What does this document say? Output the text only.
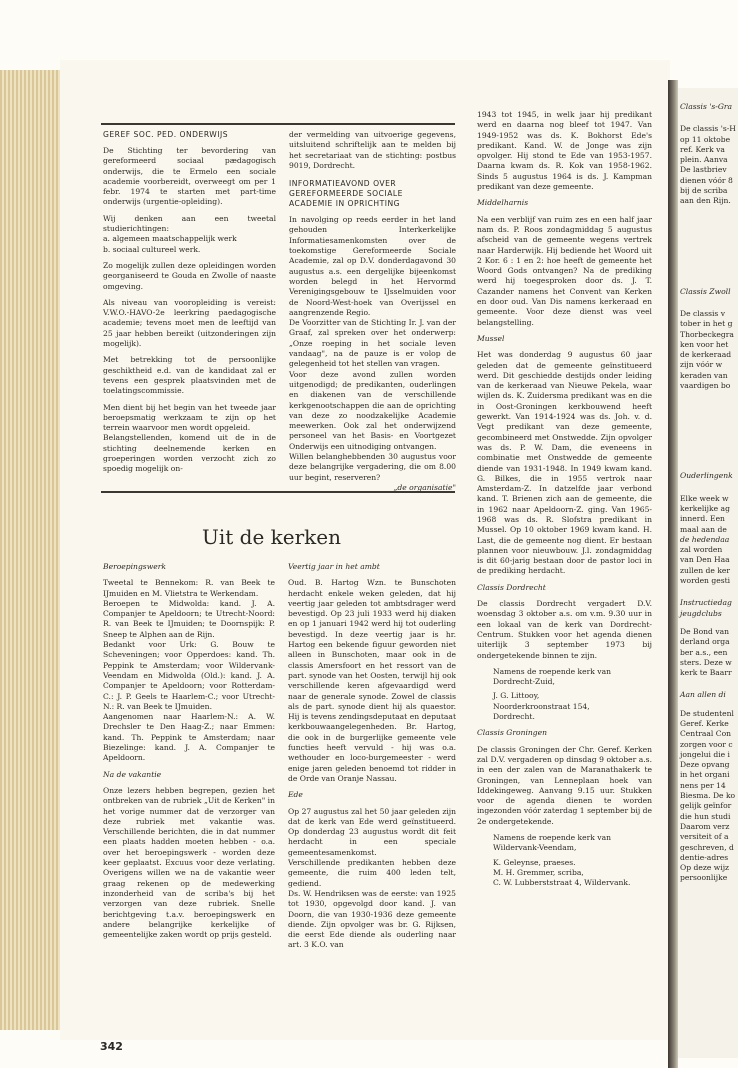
GEREF SOC. PED. ONDERWIJS

De Stichting ter bevordering van gereformeerd sociaal pædagogisch onderwijs, die te Ermelo een sociale academie voorbereidt, overweegt om per 1 febr. 1974 te starten met part-time onderwijs (urgentie-opleiding).

Wij denken aan een tweetal studierichtingen:

a. algemeen maatschappelijk werk
b. sociaal cultureel werk.

Zo mogelijk zullen deze opleidingen worden georganiseerd te Gouda en Zwolle of naaste omgeving.

Als niveau van vooropleiding is vereist: V.W.O.-HAVO-2e leerkring paedagogische academie; tevens moet men de leeftijd van 25 jaar hebben bereikt (uitzonderingen zijn mogelijk).

Met betrekking tot de persoonlijke geschiktheid e.d. van de kandidaat zal er tevens een gesprek plaatsvinden met de toelatingscommissie.

Men dient bij het begin van het tweede jaar beroepsmatig werkzaam te zijn op het terrein waarvoor men wordt opgeleid.

Belangstellenden, komend uit de in de stichting deelnemende kerken en groeperingen worden verzocht zich zo spoedig mogelijk on-

der vermelding van uitvoerige gegevens, uitsluitend schriftelijk aan te melden bij het secretariaat van de stichting: postbus 9019, Dordrecht.

INFORMATIEAVOND OVER
GEREFORMEERDE SOCIALE
ACADEMIE IN OPRICHTING

In navolging op reeds eerder in het land gehouden Interkerkelijke Informatiesamenkomsten over de toekomstige Gereformeerde Sociale Academie, zal op D.V. donderdagavond 30 augustus a.s. een dergelijke bijeenkomst worden belegd in het Hervormd Verenigingsgebouw te IJsselmuiden voor de Noord-West-hoek van Overijssel en aangrenzende Regio.

De Voorzitter van de Stichting Ir. J. van der Graaf, zal spreken over het onderwerp: „Onze roeping in het sociale leven vandaag", na de pauze is er volop de gelegenheid tot het stellen van vragen.

Voor deze avond zullen worden uitgenodigd; de predikanten, ouderlingen en diakenen van de verschillende kerkgenootschappen die aan de oprichting van deze zo noodzakelijke Academie meewerken. Ook zal het onderwijzend personeel van het Basis- en Voortgezet Onderwijs een uitnodiging ontvangen.

Willen belanghebbenden 30 augustus voor deze belangrijke vergadering, die om 8.00 uur begint, reserveren?

„de organisatie"

1943 tot 1945, in welk jaar hij predikant werd en daarna nog bleef tot 1947. Van 1949-1952 was ds. K. Bokhorst Ede's predikant. Kand. W. de Jonge was zijn opvolger. Hij stond te Ede van 1953-1957. Daarna kwam ds. R. Kok van 1958-1962. Sinds 5 augustus 1964 is ds. J. Kampman predikant van deze gemeente.

Middelharnis

Na een verblijf van ruim zes en een half jaar nam ds. P. Roos zondagmiddag 5 augustus afscheid van de gemeente wegens vertrek naar Harderwijk. Hij bediende het Woord uit 2 Kor. 6 : 1 en 2: hoe heeft de gemeente het Woord Gods ontvangen? Na de prediking werd hij toegesproken door ds. J. T. Cazander namens het Convent van Kerken en door oud. Van Dis namens kerkeraad en gemeente. Voor deze dienst was veel belangstelling.

Mussel

Het was donderdag 9 augustus 60 jaar geleden dat de gemeente geïnstitueerd werd. Dit geschiedde destijds onder leiding van de kerkeraad van Nieuwe Pekela, waar wijlen ds. K. Zuidersma predikant was en die in Oost-Groningen kerkbouwend heeft gewerkt. Van 1914-1924 was ds. Joh. v. d. Vegt predikant van deze gemeente, gecombineerd met Onstwedde. Zijn opvolger was ds. P. W. Dam, die eveneens in combinatie met Onstwedde de gemeente diende van 1931-1948. In 1949 kwam kand. G. Bilkes, die in 1955 vertrok naar Amsterdam-Z. In datzelfde jaar verbond kand. T. Brienen zich aan de gemeente, die in 1962 naar Apeldoorn-Z. ging. Van 1965-1968 was ds. R. Slofstra predikant in Mussel. Op 10 oktober 1969 kwam kand. H. Last, die de gemeente nog dient. Er bestaan plannen voor nieuwbouw. J.l. zondagmiddag is dit 60-jarig bestaan door de pastor loci in de prediking herdacht.

Classis Dordrecht

De classis Dordrecht vergadert D.V. woensdag 3 oktober a.s. om v.m. 9.30 uur in een lokaal van de kerk van Dordrecht-Centrum. Stukken voor het agenda dienen uiterlijk 3 september 1973 bij ondergetekende binnen te zijn.

Namens de roepende kerk van
Dordrecht-Zuid,
J. G. Littooy,
Noorderkroonstraat 154,
Dordrecht.
Classis Groningen

De classis Groningen der Chr. Geref. Kerken zal D.V. vergaderen op dinsdag 9 oktober a.s. in een der zalen van de Maranathakerk te Groningen, van Lenneplaan hoek van Iddekingeweg. Aanvang 9.15 uur. Stukken voor de agenda dienen te worden ingezonden vóór zaterdag 1 september bij de 2e ondergetekende.

Namens de roepende kerk van
Wildervank-Veendam,
K. Geleynse, praeses.
M. H. Gremmer, scriba,
C. W. Lubberststraat 4, Wildervank.
Uit de kerken
Beroepingswerk

Tweetal te Bennekom: R. van Beek te IJmuiden en M. Vlietstra te Werkendam.

Beroepen te Midwolda: kand. J. A. Companjer te Apeldoorn; te Utrecht-Noord: R. van Beek te IJmuiden; te Doornspijk: P. Sneep te Alphen aan de Rijn.

Bedankt voor Urk: G. Bouw te Scheveningen; voor Opperdoes: kand. Th. Peppink te Amsterdam; voor Wildervank-Veendam en Midwolda (Old.): kand. J. A. Companjer te Apeldoorn; voor Rotterdam-C.: J. P. Geels te Haarlem-C.; voor Utrecht-N.: R. van Beek te IJmuiden.

Aangenomen naar Haarlem-N.: A. W. Drechsler te Den Haag-Z.; naar Emmen: kand. Th. Peppink te Amsterdam; naar Biezelinge: kand. J. A. Companjer te Apeldoorn.

Na de vakantie

Onze lezers hebben begrepen, gezien het ontbreken van de rubriek „Uit de Kerken" in het vorige nummer dat de verzorger van deze rubriek met vakantie was. Verschillende berichten, die in dat nummer een plaats hadden moeten hebben - o.a. over het beroepingswerk - worden deze keer geplaatst. Excuus voor deze verlating. Overigens willen we na de vakantie weer graag rekenen op de medewerking inzonderheid van de scriba's bij het verzorgen van deze rubriek. Snelle berichtgeving t.a.v. beroepingswerk en andere belangrijke kerkelijke of gemeentelijke zaken wordt op prijs gesteld.

Veertig jaar in het ambt

Oud. B. Hartog Wzn. te Bunschoten herdacht enkele weken geleden, dat hij veertig jaar geleden tot ambtsdrager werd bevestigd. Op 23 juli 1933 werd hij diaken en op 1 januari 1942 werd hij tot ouderling bevestigd. In deze veertig jaar is hr. Hartog een bekende figuur geworden niet alleen in Bunschoten, maar ook in de classis Amersfoort en het ressort van de part. synode van het Oosten, terwijl hij ook verschillende keren afgevaardigd werd naar de generale synode. Zowel de classis als de part. synode dient hij als quaestor. Hij is tevens zendingsdeputaat en deputaat kerkbouwaangelegenheden. Br. Hartog, die ook in de burgerlijke gemeente vele functies heeft vervuld - hij was o.a. wethouder en loco-burgemeester - werd enige jaren geleden benoemd tot ridder in de Orde van Oranje Nassau.

Ede

Op 27 augustus zal het 50 jaar geleden zijn dat de kerk van Ede werd geïnstitueerd. Op donderdag 23 augustus wordt dit feit herdacht in een speciale gemeentesamenkomst.

Verschillende predikanten hebben deze gemeente, die ruim 400 leden telt, gediend.

Ds. W. Hendriksen was de eerste: van 1925 tot 1930, opgevolgd door kand. J. van Doorn, die van 1930-1936 deze gemeente diende. Zijn opvolger was br. G. Rijksen, die eerst Ede diende als ouderling naar art. 3 K.O. van

342
Classis 's-Gra
De classis 's-H
op 11 oktobe
ref. Kerk va
plein. Aanva
De lastbriev
dienen vóór 8
bij de scriba
aan den Rijn.
Classis Zwoll
De classis v
tober in het g
Thorbeckegra
ken voor het
de kerkeraad
zijn vóór w
keraden van
vaardigen bo
Ouderlingenk
Elke week w
kerkelijke ag
innerd. Een
maal aan de
de hedendaa
zal worden
van Den Haa
zullen de ker
worden gesti
Instructiedag
jeugdclubs
De Bond van
derland orga
ber a.s., een
sters. Deze w
kerk te Baarr
Aan allen di
De studentenl
Geref. Kerke
Centraal Con
zorgen voor c
jongelui die i
Deze opvang
in het organi
nens per 14
Biesma. De ko
gelijk geïnfor
die hun studi
Daarom verz
versiteit of a
geschreven, d
dentie-adres
Op deze wijz
persoonlijke
